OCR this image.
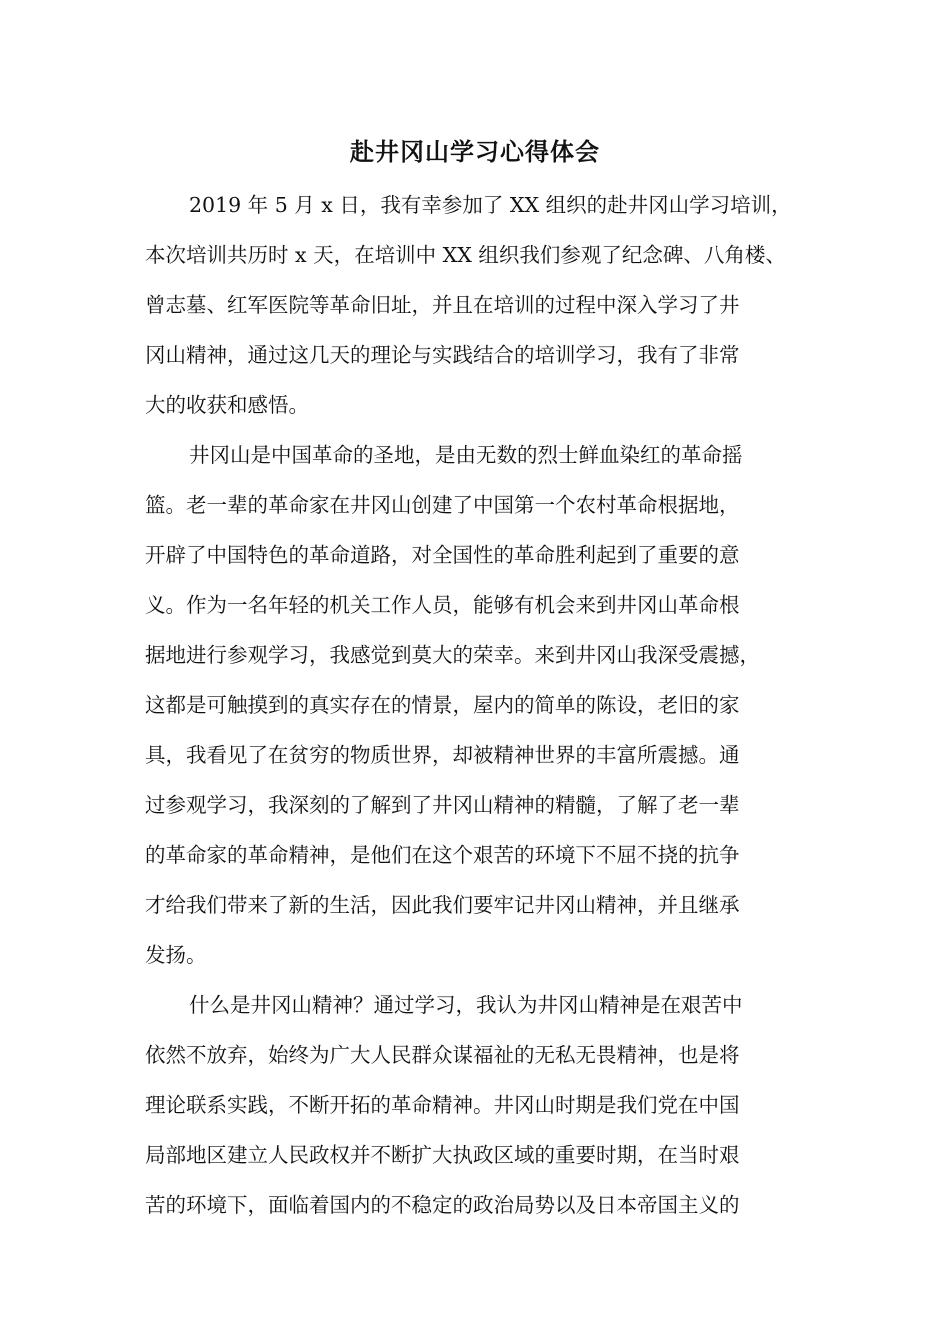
赴井冈山学习心得体会
2019 年 5 月 x 日，我有幸参加了 XX 组织的赴井冈山学习培训，
本次培训共历时 x 天，在培训中 XX 组织我们参观了纪念碑、八角楼、
曾志墓、红军医院等革命旧址，并且在培训的过程中深入学习了井
冈山精神，通过这几天的理论与实践结合的培训学习，我有了非常
大的收获和感悟。
井冈山是中国革命的圣地，是由无数的烈士鲜血染红的革命摇
篮。老一辈的革命家在井冈山创建了中国第一个农村革命根据地，
开辟了中国特色的革命道路，对全国性的革命胜利起到了重要的意
义。作为一名年轻的机关工作人员，能够有机会来到井冈山革命根
据地进行参观学习，我感觉到莫大的荣幸。来到井冈山我深受震撼，
这都是可触摸到的真实存在的情景，屋内的简单的陈设，老旧的家
具，我看见了在贫穷的物质世界，却被精神世界的丰富所震撼。通
过参观学习，我深刻的了解到了井冈山精神的精髓，了解了老一辈
的革命家的革命精神，是他们在这个艰苦的环境下不屈不挠的抗争
才给我们带来了新的生活，因此我们要牢记井冈山精神，并且继承
发扬。
什么是井冈山精神？通过学习，我认为井冈山精神是在艰苦中
依然不放弃，始终为广大人民群众谋福祉的无私无畏精神，也是将
理论联系实践，不断开拓的革命精神。井冈山时期是我们党在中国
局部地区建立人民政权并不断扩大执政区域的重要时期，在当时艰
苦的环境下，面临着国内的不稳定的政治局势以及日本帝国主义的
